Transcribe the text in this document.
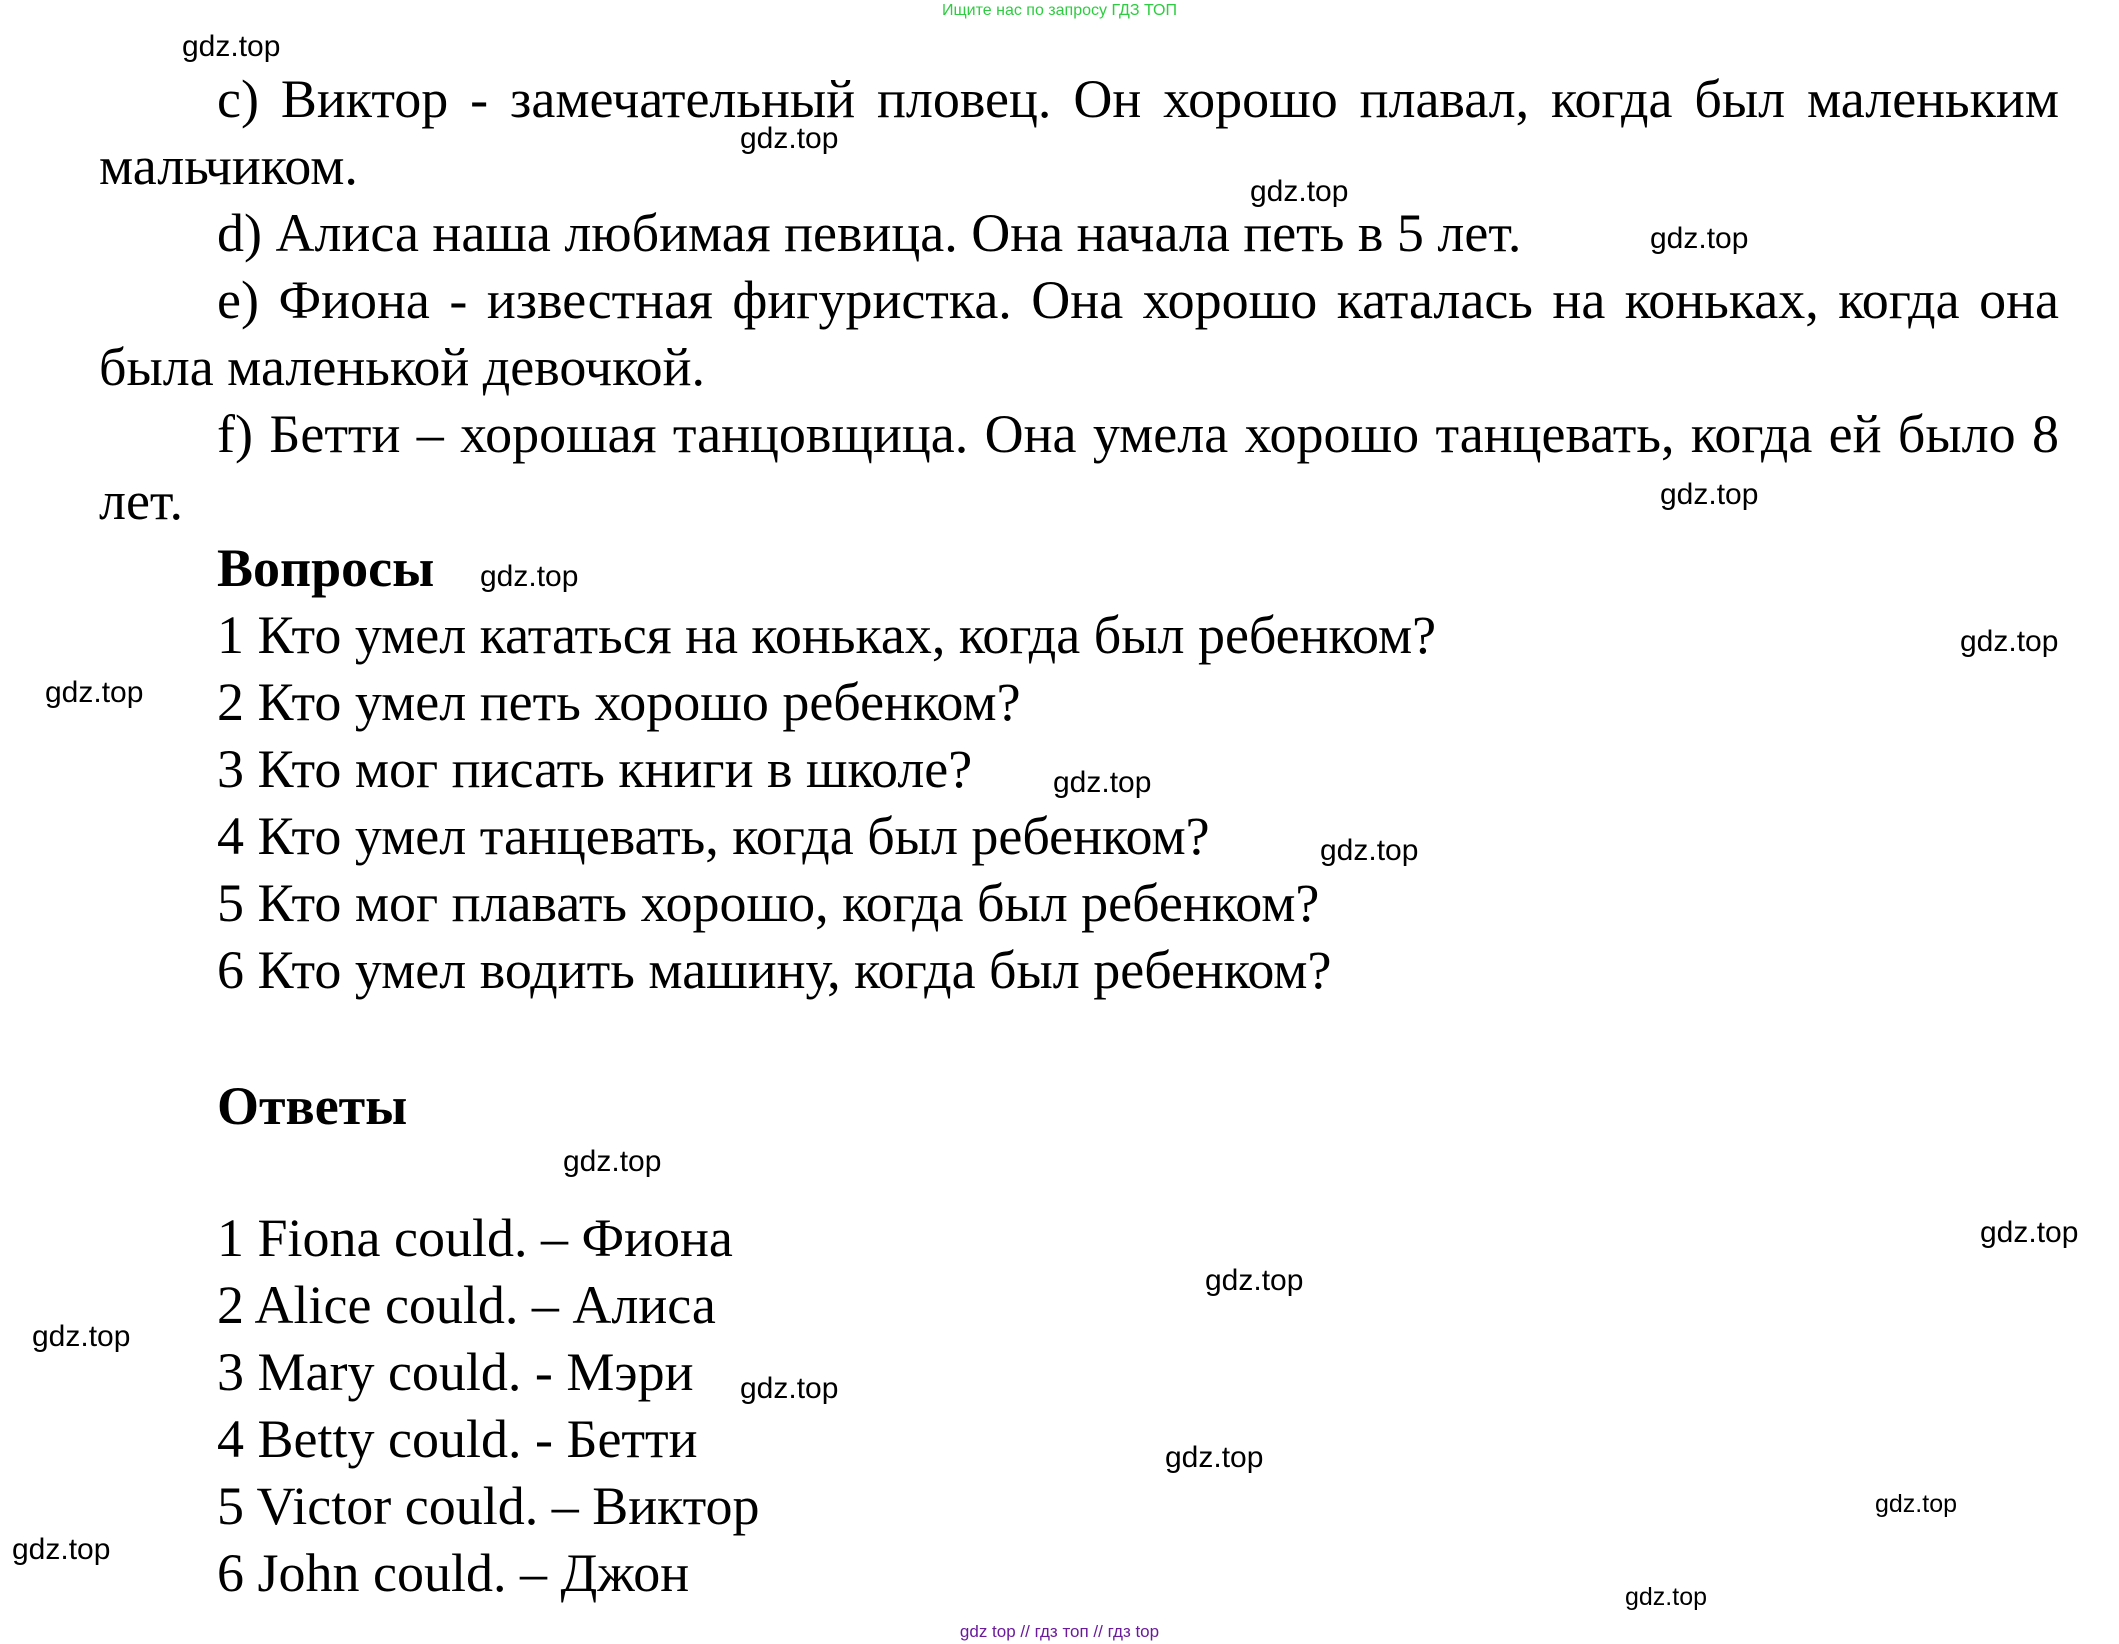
Ищите нас по запросу ГДЗ ТОП

c) Виктор - замечательный пловец. Он хорошо плавал, когда был маленьким мальчиком.

d) Алиса наша любимая певица. Она начала петь в 5 лет.

e) Фиона - известная фигуристка. Она хорошо каталась на коньках, когда она была маленькой девочкой.

f) Бетти – хорошая танцовщица. Она умела хорошо танцевать, когда ей было 8 лет.

Вопросы

1 Кто умел кататься на коньках, когда был ребенком?

2 Кто умел петь хорошо ребенком?

3 Кто мог писать книги в школе?

4 Кто умел танцевать, когда был ребенком?

5 Кто мог плавать хорошо, когда был ребенком?

6 Кто умел водить машину, когда был ребенком?

Ответы

1 Fiona could. – Фиона

2 Alice could. – Алиса

3 Mary could. - Мэри

4 Betty could. - Бетти

5 Victor could. – Виктор

6 John could. – Джон

gdz.top
gdz.top
gdz.top
gdz.top
gdz.top
gdz.top
gdz.top
gdz.top
gdz.top
gdz.top
gdz.top
gdz.top
gdz.top
gdz.top
gdz.top
gdz.top
gdz.top
gdz.top
gdz.top
gdz top // гдз топ // гдз top
